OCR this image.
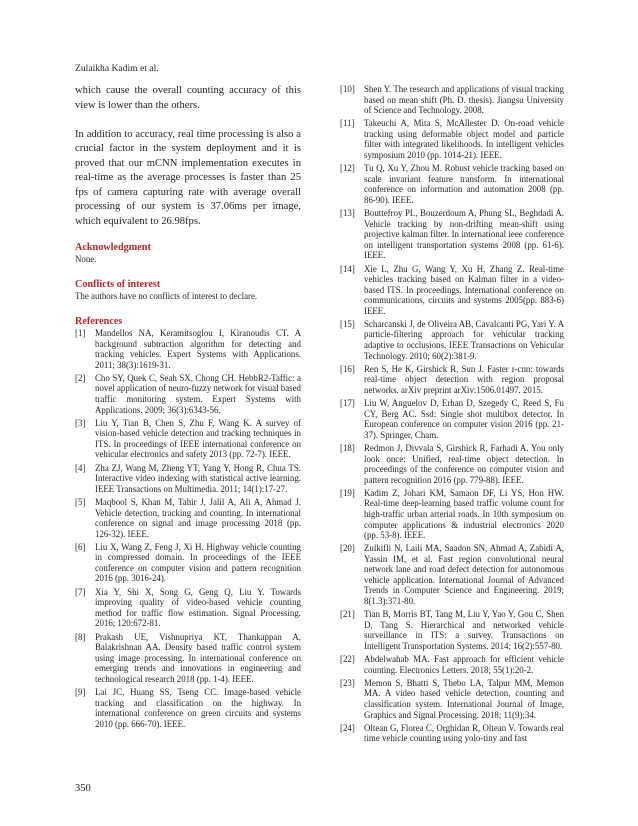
Zulaikha Kadim et al.

which cause the overall counting accuracy of this view is lower than the others.

In addition to accuracy, real time processing is also a crucial factor in the system deployment and it is proved that our mCNN implementation executes in real-time as the average processes is faster than 25 fps of camera capturing rate with average overall processing of our system is 37.06ms per image, which equivalent to 26.98fps.

Acknowledgment

None.

Conflicts of interest

The authors have no conflicts of interest to declare.

References

[1]	Mandellos NA, Keramitsoglou I, Kiranoudis CT. A background subtraction algorithm for detecting and tracking vehicles. Expert Systems with Applications. 2011; 38(3):1619-31.
[2]	Cho SY, Quek C, Seah SX, Chong CH. HebbR2-Taffic: a novel application of neuro-fuzzy network for visual based traffic monitoring system. Expert Systems with Applications. 2009; 36(3):6343-56.
[3]	Liu Y, Tian B, Chen S, Zhu F, Wang K. A survey of vision-based vehicle detection and tracking techniques in ITS. In proceedings of IEEE international conference on vehicular electronics and safety 2013 (pp. 72-7). IEEE.
[4]	Zha ZJ, Wang M, Zheng YT, Yang Y, Hong R, Chua TS. Interactive video indexing with statistical active learning. IEEE Transactions on Multimedia. 2011; 14(1):17-27.
[5]	Maqbool S, Khan M, Tahir J, Jalil A, Ali A, Ahmad J. Vehicle detection, tracking and counting. In international conference on signal and image processing 2018 (pp. 126-32). IEEE.
[6]	Liu X, Wang Z, Feng J, Xi H. Highway vehicle counting in compressed domain. In proceedings of the IEEE conference on computer vision and pattern recognition 2016 (pp. 3016-24).
[7]	Xia Y, Shi X, Song G, Geng Q, Liu Y. Towards improving quality of video-based vehicle counting method for traffic flow estimation. Signal Processing. 2016; 120:672-81.
[8]	Prakash UE, Vishnupriya KT, Thankappan A, Balakrishnan AA. Density based traffic control system using image processing. In international conference on emerging trends and innovations in engineering and technological research 2018 (pp. 1-4). IEEE.
[9]	Lai JC, Huang SS, Tseng CC. Image-based vehicle tracking and classification on the highway. In international conference on green circuits and systems 2010 (pp. 666-70). IEEE.
[10]	Shen Y. The research and applications of visual tracking based on mean shift (Ph. D. thesis). Jiangsu University of Science and Technology. 2008.
[11]	Takeuchi A, Mita S, McAllester D. On-road vehicle tracking using deformable object model and particle filter with integrated likelihoods. In intelligent vehicles symposium 2010 (pp. 1014-21). IEEE.
[12]	Tu Q, Xu Y, Zhou M. Robust vehicle tracking based on scale invariant feature transform. In international conference on information and automation 2008 (pp. 86-90). IEEE.
[13]	Bouttefroy PL, Bouzerdoum A, Phung SL, Beghdadi A. Vehicle tracking by non-drifting mean-shift using projective kalman filter. In international ieee conference on intelligent transportation systems 2008 (pp. 61-6). IEEE.
[14]	Xie L, Zhu G, Wang Y, Xu H, Zhang Z. Real-time vehicles tracking based on Kalman filter in a video-based ITS. In proceedings. International conference on communications, circuits and systems 2005(pp. 883-6) IEEE.
[15]	Scharcanski J, de Oliveira AB, Cavalcanti PG, Yari Y. A particle-filtering approach for vehicular tracking adaptive to occlusions. IEEE Transactions on Vehicular Technology. 2010; 60(2):381-9.
[16]	Ren S, He K, Girshick R, Sun J. Faster r-cnn: towards real-time object detection with region proposal networks. arXiv preprint arXiv:1506.01497. 2015.
[17]	Liu W, Anguelov D, Erhan D, Szegedy C, Reed S, Fu CY, Berg AC. Ssd: Single shot multibox detector. In European conference on computer vision 2016 (pp. 21-37). Springer, Cham.
[18]	Redmon J, Divvala S, Girshick R, Farhadi A. You only look once: Unified, real-time object detection. In proceedings of the conference on computer vision and pattern recognition 2016 (pp. 779-88). IEEE.
[19]	Kadim Z, Johari KM, Samaon DF, Li YS, Hon HW. Real-time deep-learning based traffic volume count for high-traffic urban arterial roads. In 10th symposium on computer applications & industrial electronics 2020 (pp. 53-8). IEEE.
[20]	Zulkifli N, Laili MA, Saadon SN, Ahmad A, Zabidi A, Yassin IM, et al. Fast region convolutional neural network lane and road defect detection for autonomous vehicle application. International Journal of Advanced Trends in Computer Science and Engineering. 2019; 8(1.3):371-80.
[21]	Tian B, Morris BT, Tang M, Liu Y, Yao Y, Gou C, Shen D, Tang S. Hierarchical and networked vehicle surveillance in ITS: a survey. Transactions on Intelligent Transportation Systems. 2014; 16(2):557-80.
[22]	Abdelwahab MA. Fast approach for efficient vehicle counting. Electronics Letters. 2018; 55(1):20-2.
[23]	Memon S, Bhatti S, Thebo LA, Talpur MM, Memon MA. A video based vehicle detection, counting and classification system. International Journal of Image, Graphics and Signal Processing. 2018; 11(9):34.
[24]	Oltean G, Florea C, Orghidan R, Oltean V. Towards real time vehicle counting using yolo-tiny and fast
350
